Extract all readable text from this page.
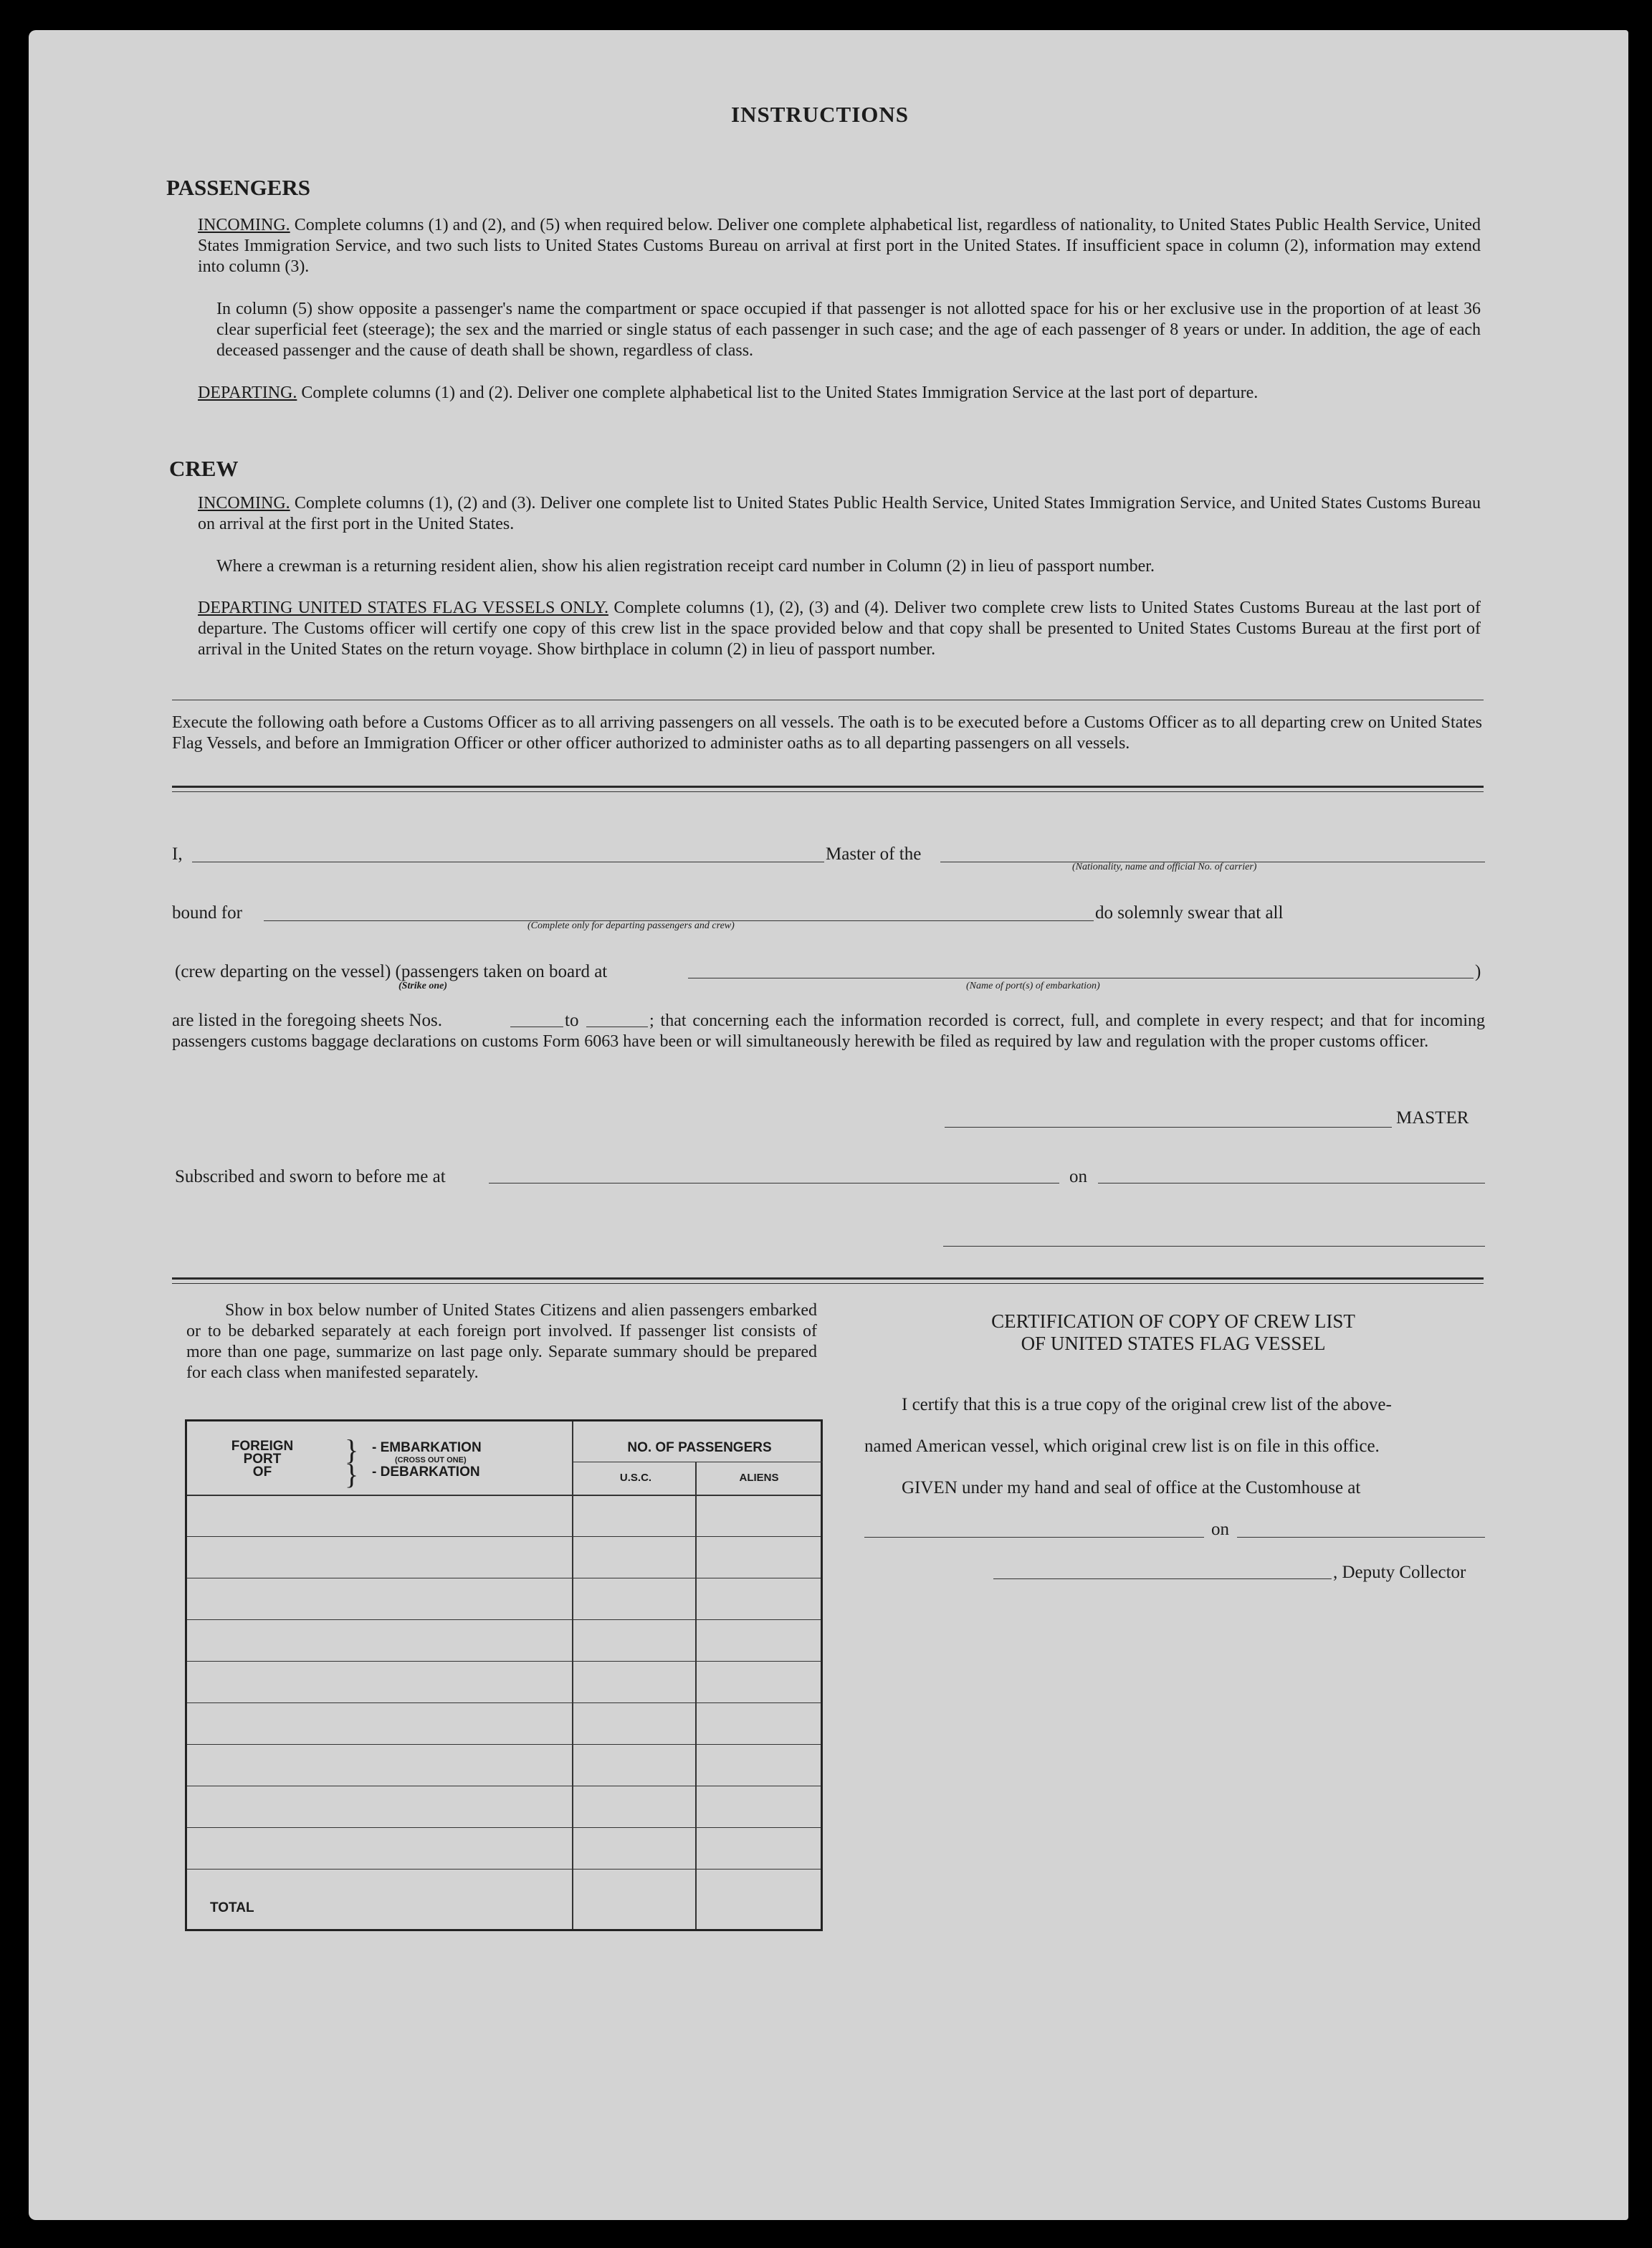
INSTRUCTIONS
PASSENGERS
INCOMING. Complete columns (1) and (2), and (5) when required below. Deliver one complete alphabetical list, regardless of nationality, to United States Public Health Service, United States Immigration Service, and two such lists to United States Customs Bureau on arrival at first port in the United States. If insufficient space in column (2), information may extend into column (3).
In column (5) show opposite a passenger's name the compartment or space occupied if that passenger is not allotted space for his or her exclusive use in the proportion of at least 36 clear superficial feet (steerage); the sex and the married or single status of each passenger in such case; and the age of each passenger of 8 years or under. In addition, the age of each deceased passenger and the cause of death shall be shown, regardless of class.
DEPARTING. Complete columns (1) and (2). Deliver one complete alphabetical list to the United States Immigration Service at the last port of departure.
CREW
INCOMING. Complete columns (1), (2) and (3). Deliver one complete list to United States Public Health Service, United States Immigration Service, and United States Customs Bureau on arrival at the first port in the United States.
Where a crewman is a returning resident alien, show his alien registration receipt card number in Column (2) in lieu of passport number.
DEPARTING UNITED STATES FLAG VESSELS ONLY. Complete columns (1), (2), (3) and (4). Deliver two complete crew lists to United States Customs Bureau at the last port of departure. The Customs officer will certify one copy of this crew list in the space provided below and that copy shall be presented to United States Customs Bureau at the first port of arrival in the United States on the return voyage. Show birthplace in column (2) in lieu of passport number.
Execute the following oath before a Customs Officer as to all arriving passengers on all vessels. The oath is to be executed before a Customs Officer as to all departing crew on United States Flag Vessels, and before an Immigration Officer or other officer authorized to administer oaths as to all departing passengers on all vessels.
I,	Master of the
(Nationality, name and official No. of carrier)
bound for
(Complete only for departing passengers and crew)
do solemnly swear that all
(crew departing on the vessel) (passengers taken on board at
(Strike one)	(Name of port(s) of embarkation)
)
are listed in the foregoing sheets Nos.	to	; that concerning each the information recorded is correct, full, and complete in every respect; and that for incoming passengers customs baggage declarations on customs Form 6063 have been or will simultaneously herewith be filed as required by law and regulation with the proper customs officer.
MASTER
Subscribed and sworn to before me at	on
Show in box below number of United States Citizens and alien passengers embarked or to be debarked separately at each foreign port involved. If passenger list consists of more than one page, summarize on last page only. Separate summary should be prepared for each class when manifested separately.
FOREIGN
PORT
OF
}
}
- EMBARKATION
(CROSS OUT ONE)
- DEBARKATION
NO. OF PASSENGERS
U.S.C.	ALIENS
TOTAL
CERTIFICATION OF COPY OF CREW LIST
OF UNITED STATES FLAG VESSEL
I certify that this is a true copy of the original crew list of the above-
named American vessel, which original crew list is on file in this office.
GIVEN under my hand and seal of office at the Customhouse at
on
, Deputy Collector
